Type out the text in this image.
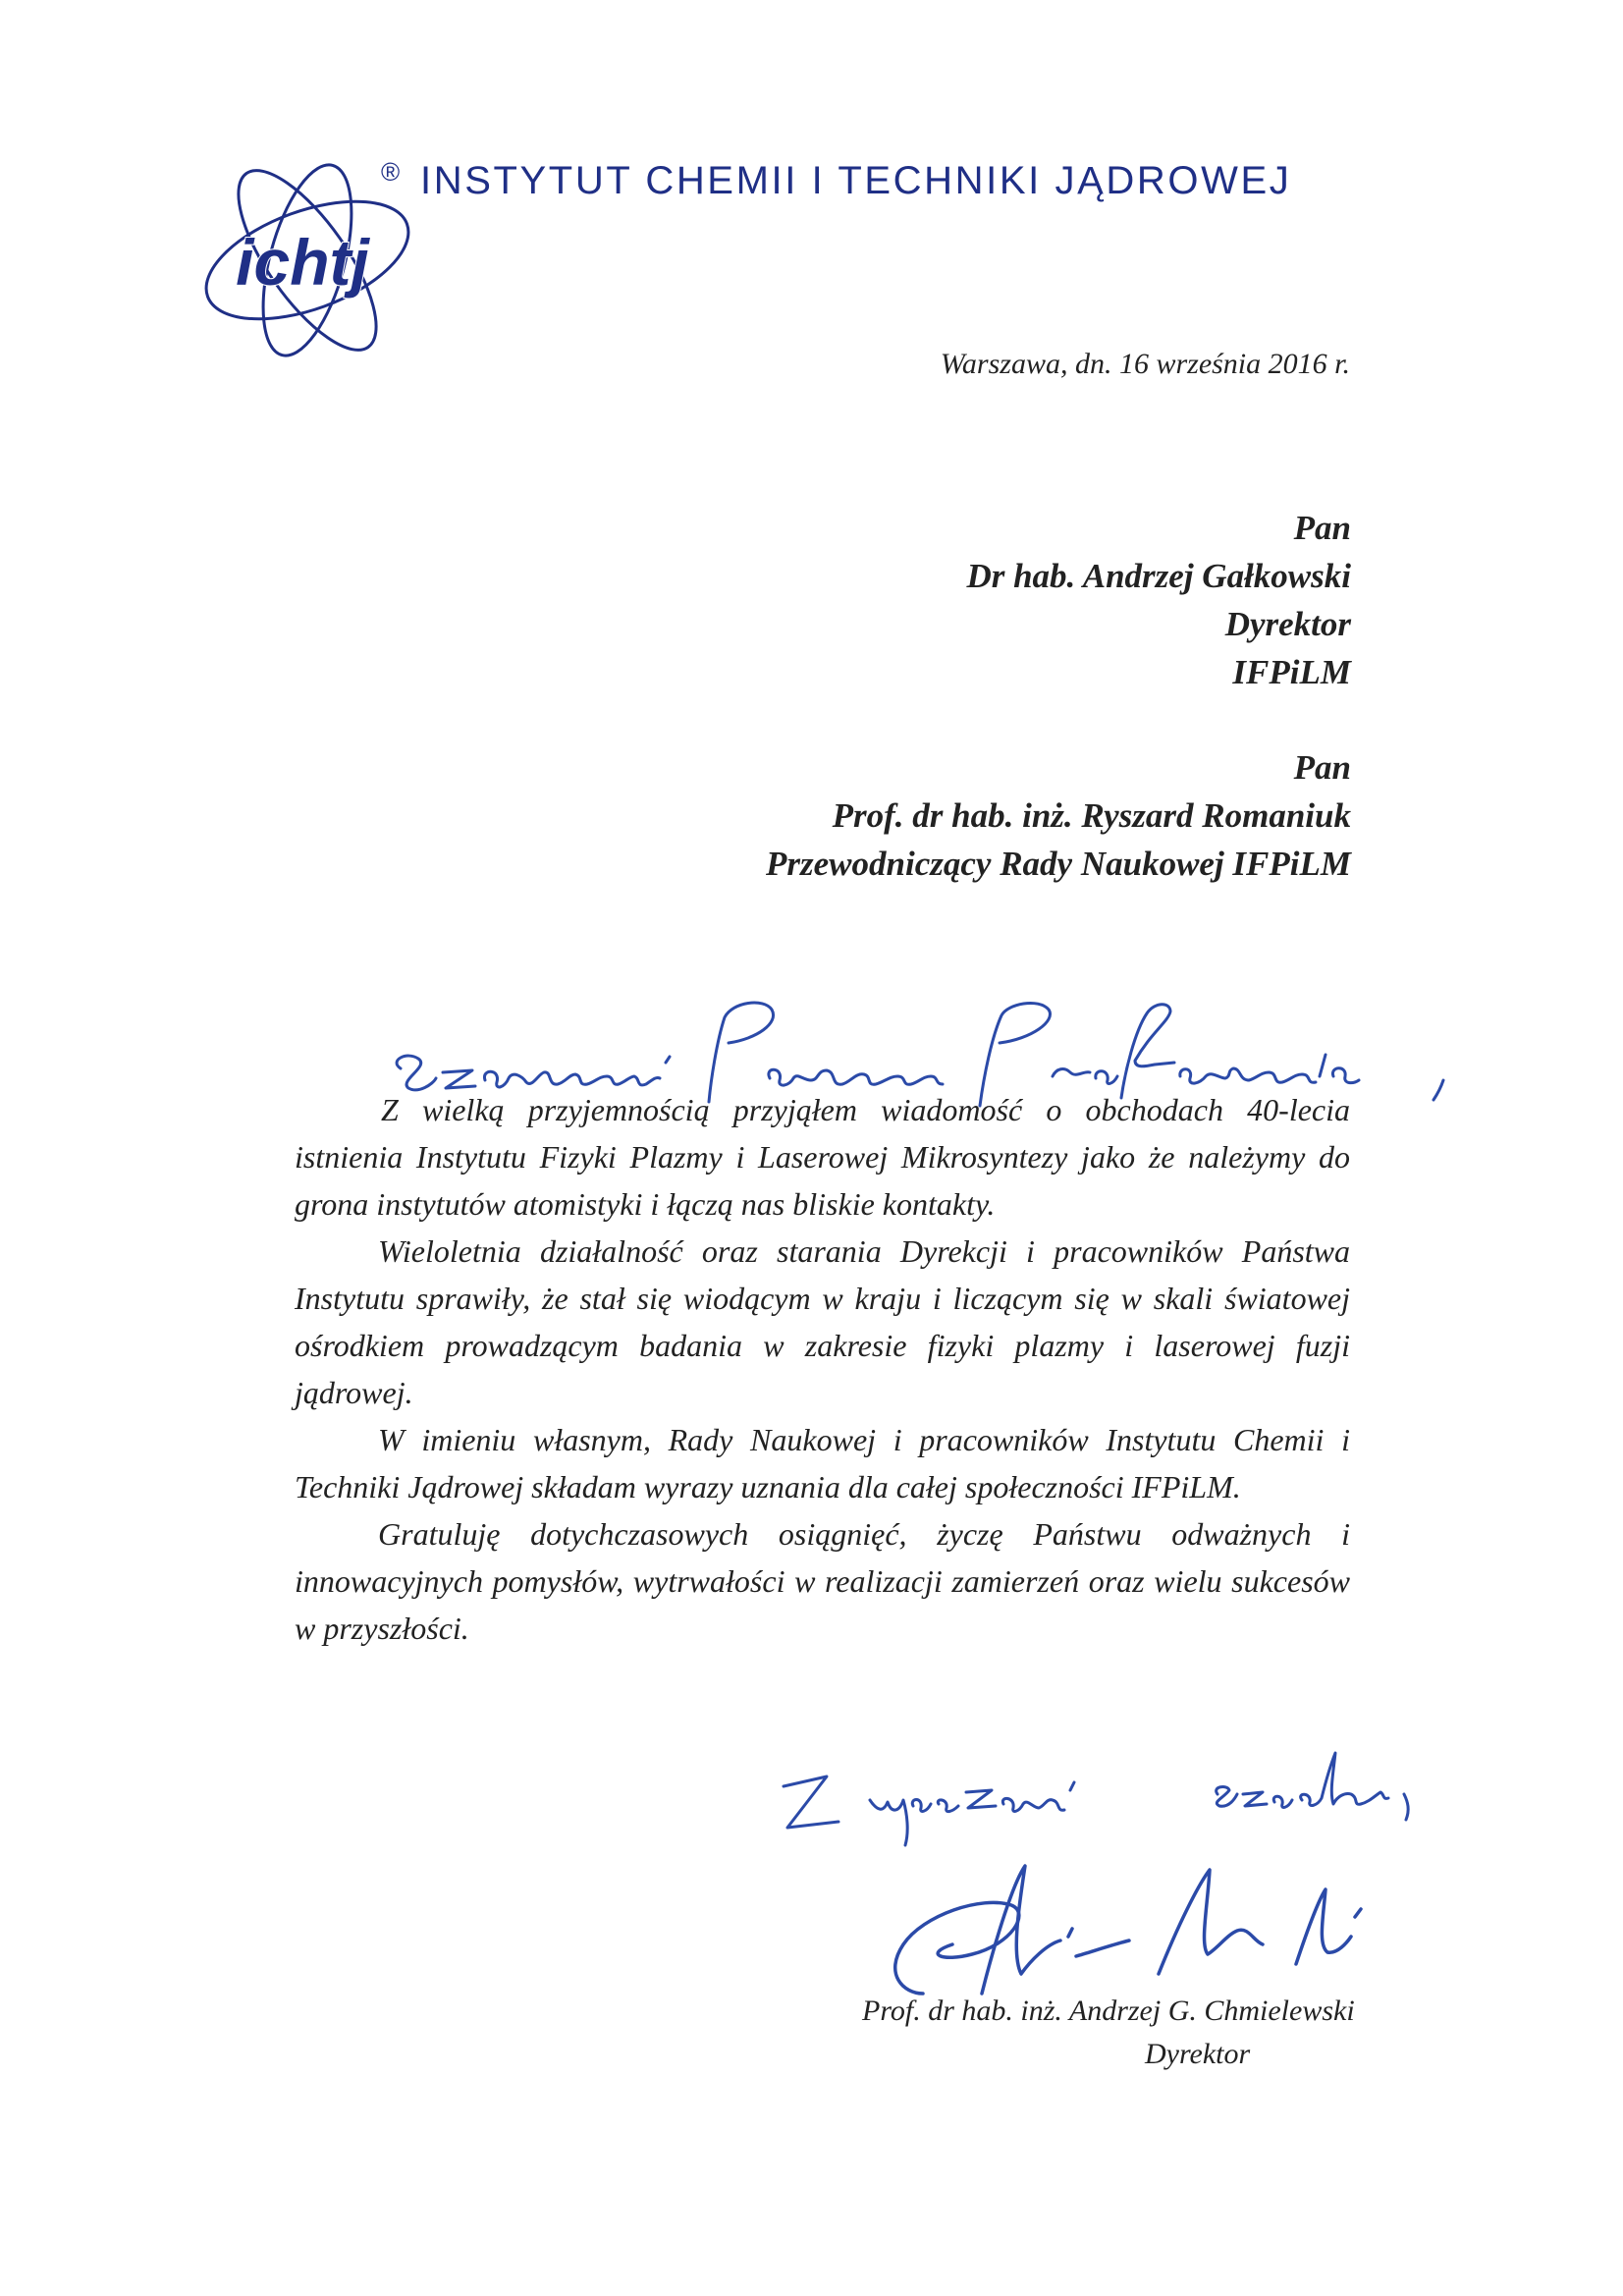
ichtj
® INSTYTUT CHEMII I TECHNIKI JĄDROWEJ
Warszawa, dn. 16 września 2016 r.
Pan
Dr hab. Andrzej Gałkowski
Dyrektor
IFPiLM
Pan
Prof. dr hab. inż. Ryszard Romaniuk
Przewodniczący Rady Naukowej IFPiLM

Z wielką przyjemnością przyjąłem wiadomość o obchodach 40-lecia istnienia Instytutu Fizyki Plazmy i Laserowej Mikrosyntezy jako że należymy do grona instytutów atomistyki i łączą nas bliskie kontakty.

Wieloletnia działalność oraz starania Dyrekcji i pracowników Państwa Instytutu sprawiły, że stał się wiodącym w kraju i liczącym się w skali światowej ośrodkiem prowadzącym badania w zakresie fizyki plazmy i laserowej fuzji jądrowej.

W imieniu własnym, Rady Naukowej i pracowników Instytutu Chemii i Techniki Jądrowej składam wyrazy uznania dla całej społeczności IFPiLM.

Gratuluję dotychczasowych osiągnięć, życzę Państwu odważnych i innowacyjnych pomysłów, wytrwałości w realizacji zamierzeń oraz wielu sukcesów w przyszłości.

Prof. dr hab. inż. Andrzej G. Chmielewski
Dyrektor
